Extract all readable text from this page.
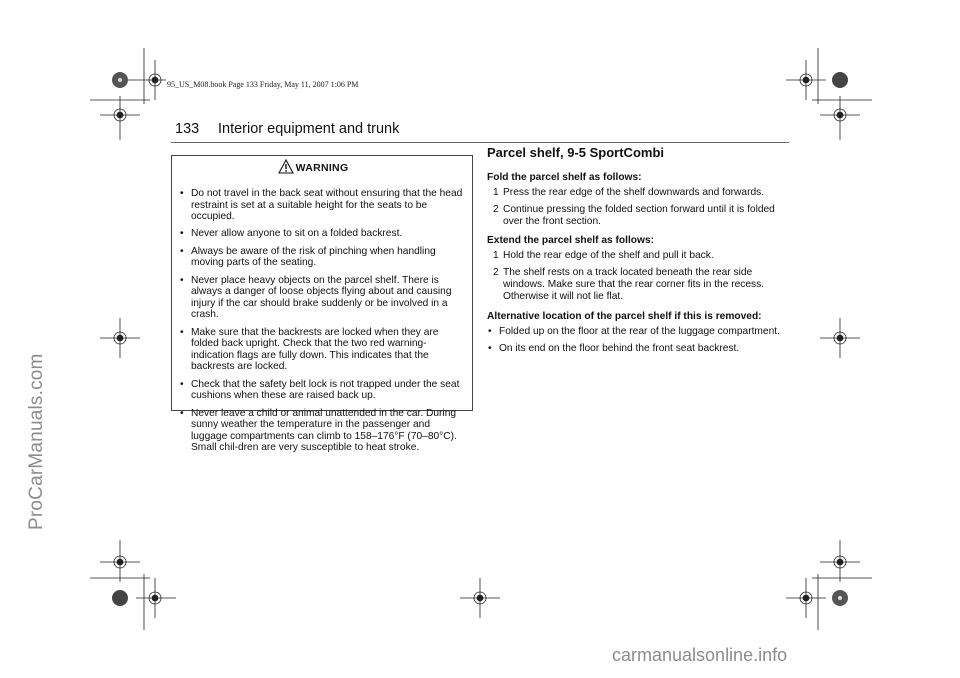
95_US_M08.book Page 133 Friday, May 11, 2007 1:06 PM
133 Interior equipment and trunk
WARNING
• Do not travel in the back seat without ensuring that the head restraint is set at a suitable height for the seats to be occupied.
• Never allow anyone to sit on a folded backrest.
• Always be aware of the risk of pinching when handling moving parts of the seating.
• Never place heavy objects on the parcel shelf. There is always a danger of loose objects flying about and causing injury if the car should brake suddenly or be involved in a crash.
• Make sure that the backrests are locked when they are folded back upright. Check that the two red warning-indication flags are fully down. This indicates that the backrests are locked.
• Check that the safety belt lock is not trapped under the seat cushions when these are raised back up.
• Never leave a child or animal unattended in the car. During sunny weather the temperature in the passenger and luggage compartments can climb to 158–176°F (70–80°C). Small chil-dren are very susceptible to heat stroke.
Parcel shelf, 9-5 SportCombi
Fold the parcel shelf as follows:
1 Press the rear edge of the shelf downwards and forwards.
2 Continue pressing the folded section forward until it is folded over the front section.
Extend the parcel shelf as follows:
1 Hold the rear edge of the shelf and pull it back.
2 The shelf rests on a track located beneath the rear side windows. Make sure that the rear corner fits in the recess. Otherwise it will not lie flat.
Alternative location of the parcel shelf if this is removed:
• Folded up on the floor at the rear of the luggage compartment.
• On its end on the floor behind the front seat backrest.
ProCarManuals.com
carmanualsonline.info
